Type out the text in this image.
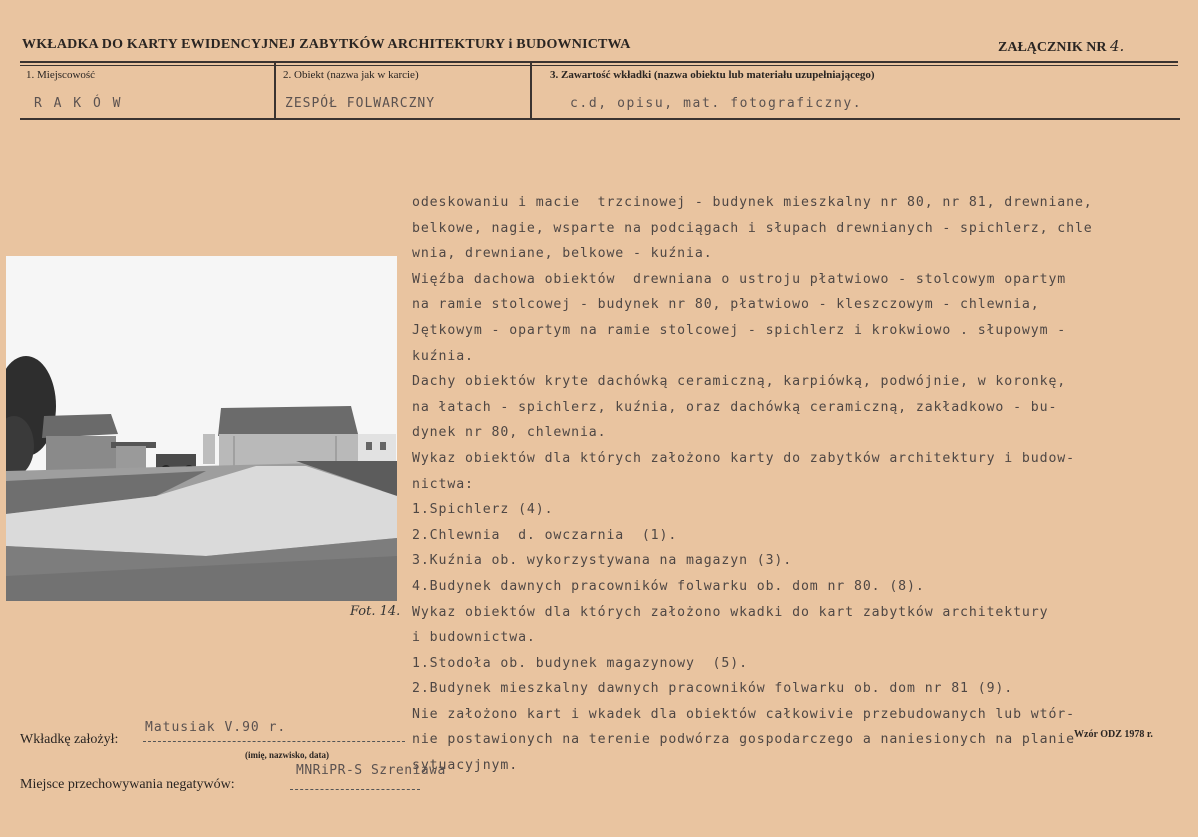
WKŁADKA DO KARTY EWIDENCYJNEJ ZABYTKÓW ARCHITEKTURY i BUDOWNICTWA	ZAŁĄCZNIK NR 4.
1. Miejscowość	2. Obiekt (nazwa jak w karcie)	3. Zawartość wkładki (nazwa obiektu lub materiału uzupełniającego)
R A K Ó W	ZESPÓŁ FOLWARCZNY	c.d, opisu, mat. fotograficzny.
Fot. 14.

odeskowaniu i macie  trzcinowej - budynek mieszkalny nr 80, nr 81, drewniane,

belkowe, nagie, wsparte na podciągach i słupach drewnianych - spichlerz, chle

wnia, drewniane, belkowe - kuźnia.

Więźba dachowa obiektów  drewniana o ustroju płatwiowo - stolcowym opartym

na ramie stolcowej - budynek nr 80, płatwiowo - kleszczowym - chlewnia,

Jętkowym - opartym na ramie stolcowej - spichlerz i krokwiowo . słupowym -

kuźnia.

Dachy obiektów kryte dachówką ceramiczną, karpiówką, podwójnie, w koronkę,

na łatach - spichlerz, kuźnia, oraz dachówką ceramiczną, zakładkowo - bu-

dynek nr 80, chlewnia.

Wykaz obiektów dla których założono karty do zabytków architektury i budow-

nictwa:

1.Spichlerz (4).

2.Chlewnia  d. owczarnia  (1).

3.Kuźnia ob. wykorzystywana na magazyn (3).

4.Budynek dawnych pracowników folwarku ob. dom nr 80. (8).

Wykaz obiektów dla których założono wkadki do kart zabytków architektury

i budownictwa.

1.Stodoła ob. budynek magazynowy  (5).

2.Budynek mieszkalny dawnych pracowników folwarku ob. dom nr 81 (9).

Nie założono kart i wkadek dla obiektów całkowivie przebudowanych lub wtór-

nie postawionych na terenie podwórza gospodarczego a naniesionych na planie

sytuacyjnym.

Wkładkę założył:
Matusiak V.90 r.
(imię, nazwisko, data)
Miejsce przechowywania negatywów:
MNRiPR-S Szreniawa
Wzór ODZ 1978 r.
